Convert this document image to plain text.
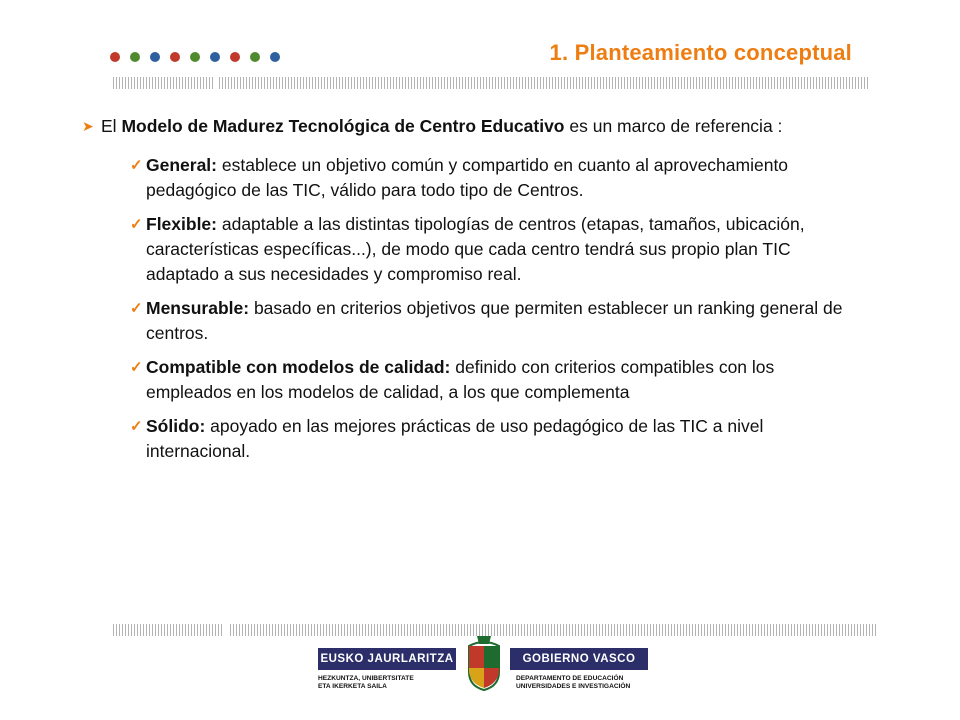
1. Planteamiento conceptual

➤ El Modelo de Madurez Tecnológica de Centro Educativo es un marco de referencia :

✓ General: establece un objetivo común y compartido en cuanto al aprovechamiento pedagógico de las TIC, válido para todo tipo de Centros.

✓ Flexible: adaptable a las distintas tipologías de centros (etapas, tamaños, ubicación, características específicas...), de modo que cada centro tendrá sus propio plan TIC adaptado a sus necesidades y compromiso real.

✓ Mensurable: basado en criterios objetivos que permiten establecer un ranking general de centros.

✓ Compatible con modelos de calidad: definido con criterios compatibles con los empleados en los modelos de calidad, a los que complementa

✓ Sólido: apoyado en las mejores prácticas de uso pedagógico de las TIC a nivel internacional.

EUSKO JAURLARITZA	GOBIERNO VASCO
HEZKUNTZA, UNIBERTSITATE
ETA IKERKETA SAILA
DEPARTAMENTO DE EDUCACIÓN
UNIVERSIDADES E INVESTIGACIÓN
